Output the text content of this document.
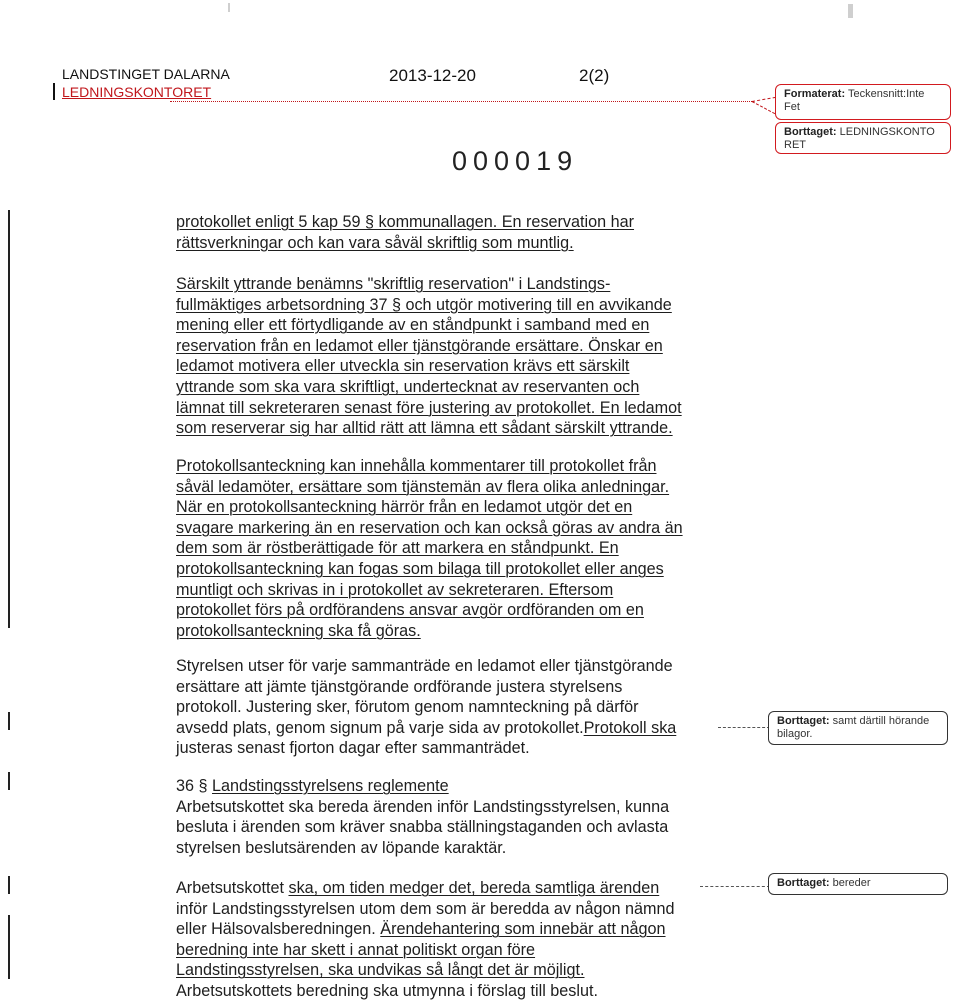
LANDSTINGET DALARNA
LEDNINGSKONTORET
2013-12-20	2(2)
000019
Formaterat: Teckensnitt:Inte Fet
Borttaget: LEDNINGSKONTO RET
protokollet enligt 5 kap 59 § kommunallagen. En reservation har
rättsverkningar och kan vara såväl skriftlig som muntlig.
Särskilt yttrande benämns "skriftlig reservation" i Landstings-
fullmäktiges arbetsordning 37 § och utgör motivering till en avvikande
mening eller ett förtydligande av en ståndpunkt i samband med en
reservation från en ledamot eller tjänstgörande ersättare. Önskar en
ledamot motivera eller utveckla sin reservation krävs ett särskilt
yttrande som ska vara skriftligt, undertecknat av reservanten och
lämnat till sekreteraren senast före justering av protokollet. En ledamot
som reserverar sig har alltid rätt att lämna ett sådant särskilt yttrande.
Protokollsanteckning kan innehålla kommentarer till protokollet från
såväl ledamöter, ersättare som tjänstemän av flera olika anledningar.
När en protokollsanteckning härrör från en ledamot utgör det en
svagare markering än en reservation och kan också göras av andra än
dem som är röstberättigade för att markera en ståndpunkt. En
protokollsanteckning kan fogas som bilaga till protokollet eller anges
muntligt och skrivas in i protokollet av sekreteraren. Eftersom
protokollet förs på ordförandens ansvar avgör ordföranden om en
protokollsanteckning ska få göras.
Styrelsen utser för varje sammanträde en ledamot eller tjänstgörande
ersättare att jämte tjänstgörande ordförande justera styrelsens
protokoll. Justering sker, förutom genom namnteckning på därför
avsedd plats, genom signum på varje sida av protokollet.Protokoll ska
justeras senast fjorton dagar efter sammanträdet.
Borttaget: samt därtill hörande bilagor.
36 § Landstingsstyrelsens reglemente
Arbetsutskottet ska bereda ärenden inför Landstingsstyrelsen, kunna
besluta i ärenden som kräver snabba ställningstaganden och avlasta
styrelsen beslutsärenden av löpande karaktär.
Arbetsutskottet ska, om tiden medger det, bereda samtliga ärenden
inför Landstingsstyrelsen utom dem som är beredda av någon nämnd
eller Hälsovalsberedningen. Ärendehantering som innebär att någon
beredning inte har skett i annat politiskt organ före
Landstingsstyrelsen, ska undvikas så långt det är möjligt.
Arbetsutskottets beredning ska utmynna i förslag till beslut.
Borttaget: bereder
